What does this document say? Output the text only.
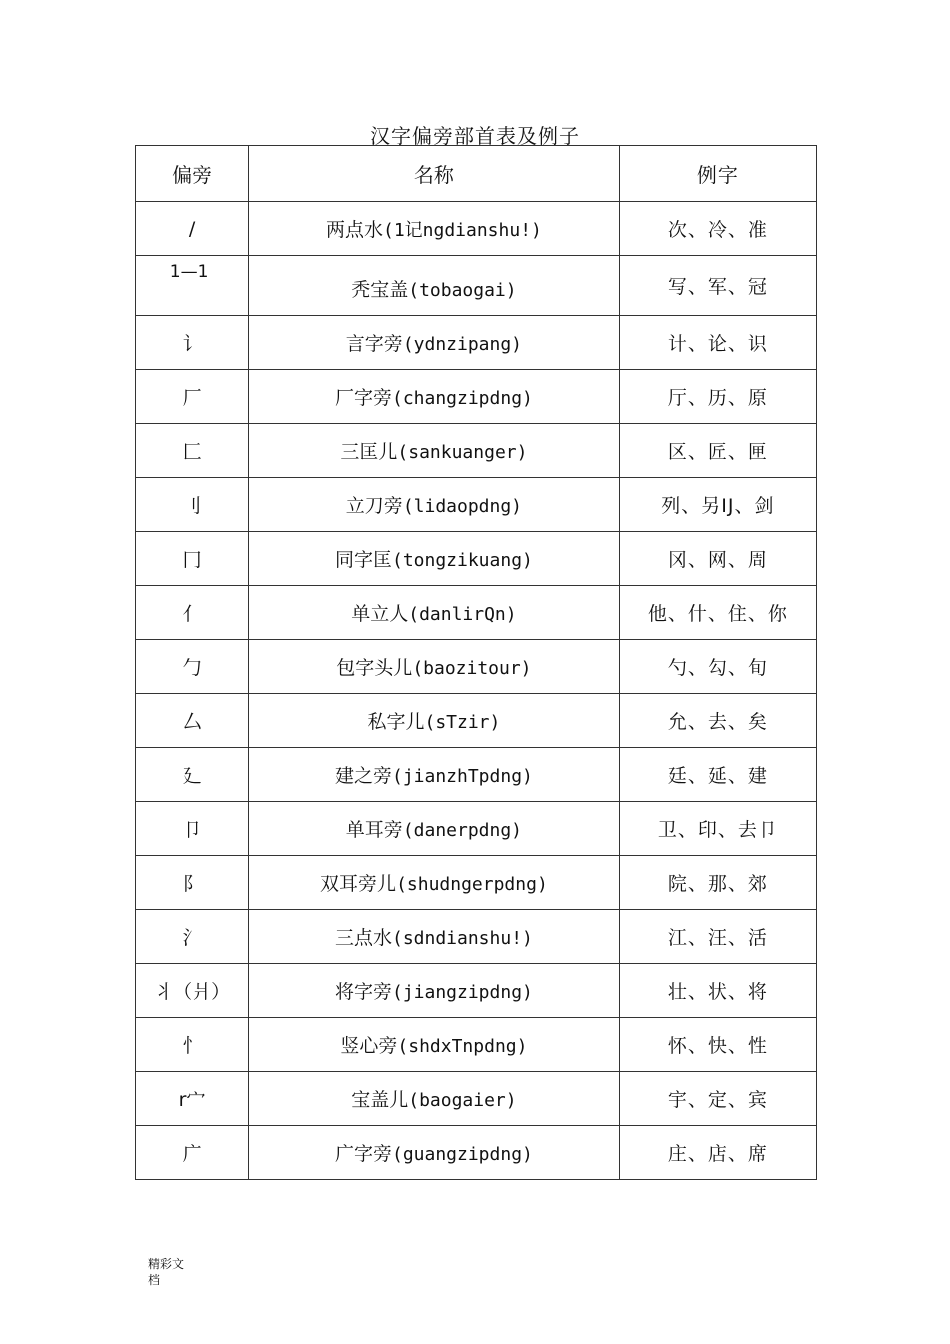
汉字偏旁部首表及例子
偏旁	名称	例字
/	两点水(1记ngdianshu!)	次、冷、准
1—1	秃宝盖(tobaogai)	写、军、冠
讠	言字旁(ydnzipang)	计、论、识
厂	厂字旁(changzipdng)	厅、历、原
匚	三匡儿(sankuanger)	区、匠、匣
刂	立刀旁(lidaopdng)	列、另IJ、剑
冂	同字匡(tongzikuang)	冈、网、周
亻	单立人(danlirQn)	他、什、住、你
勹	包字头儿(baozitour)	勺、勾、旬
厶	私字儿(sTzir)	允、去、矣
廴	建之旁(jianzhTpdng)	廷、延、建
卩	单耳旁(danerpdng)	卫、印、去卩
阝	双耳旁儿(shudngerpdng)	院、那、郊
氵	三点水(sdndianshu!)	江、汪、活
丬（爿）	将字旁(jiangzipdng)	壮、状、将
忄	竖心旁(shdxTnpdng)	怀、快、性
r宀	宝盖儿(baogaier)	宇、定、宾
广	广字旁(guangzipdng)	庄、店、席
精彩文
档
